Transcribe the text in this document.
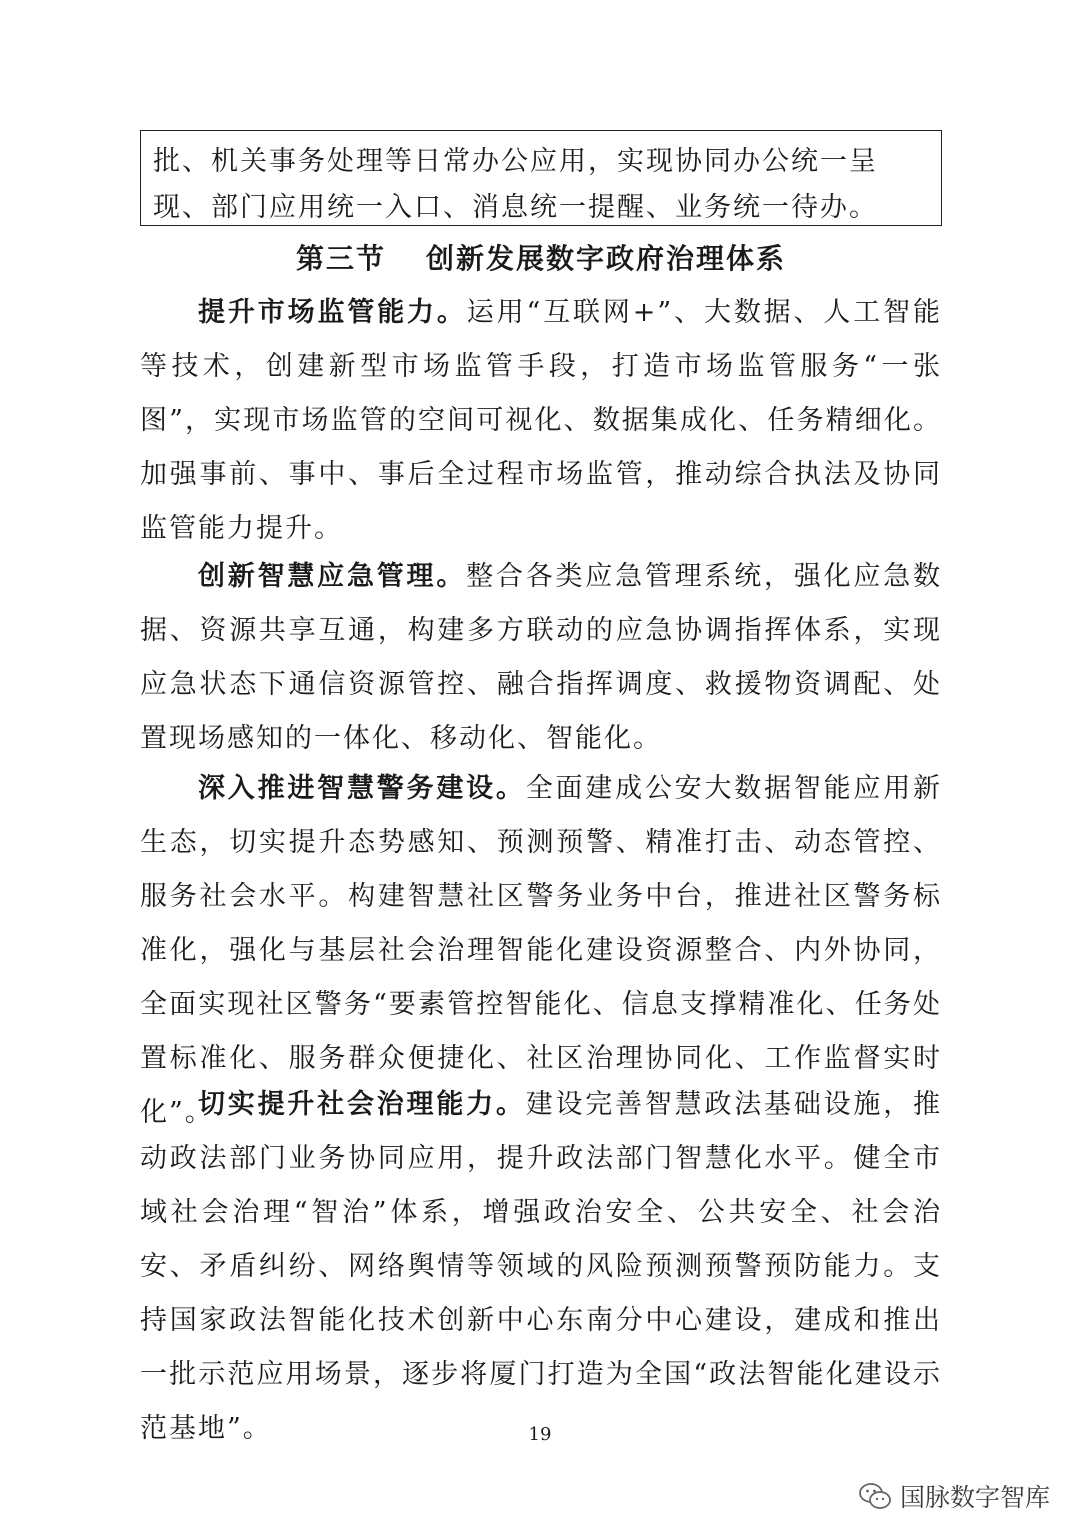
批、机关事务处理等日常办公应用，实现协同办公统一呈现、部门应用统一入口、消息统一提醒、业务统一待办。
第三节 创新发展数字政府治理体系
提升市场监管能力。运用“互联网+”、大数据、人工智能等技术，创建新型市场监管手段，打造市场监管服务“一张图”，实现市场监管的空间可视化、数据集成化、任务精细化。加强事前、事中、事后全过程市场监管，推动综合执法及协同监管能力提升。
创新智慧应急管理。整合各类应急管理系统，强化应急数据、资源共享互通，构建多方联动的应急协调指挥体系，实现应急状态下通信资源管控、融合指挥调度、救援物资调配、处置现场感知的一体化、移动化、智能化。
深入推进智慧警务建设。全面建成公安大数据智能应用新生态，切实提升态势感知、预测预警、精准打击、动态管控、服务社会水平。构建智慧社区警务业务中台，推进社区警务标准化，强化与基层社会治理智能化建设资源整合、内外协同，全面实现社区警务“要素管控智能化、信息支撑精准化、任务处置标准化、服务群众便捷化、社区治理协同化、工作监督实时化”。
切实提升社会治理能力。建设完善智慧政法基础设施，推动政法部门业务协同应用，提升政法部门智慧化水平。健全市域社会治理“智治”体系，增强政治安全、公共安全、社会治安、矛盾纠纷、网络舆情等领域的风险预测预警预防能力。支持国家政法智能化技术创新中心东南分中心建设，建成和推出一批示范应用场景，逐步将厦门打造为全国“政法智能化建设示范基地”。	19
国脉数字智库
